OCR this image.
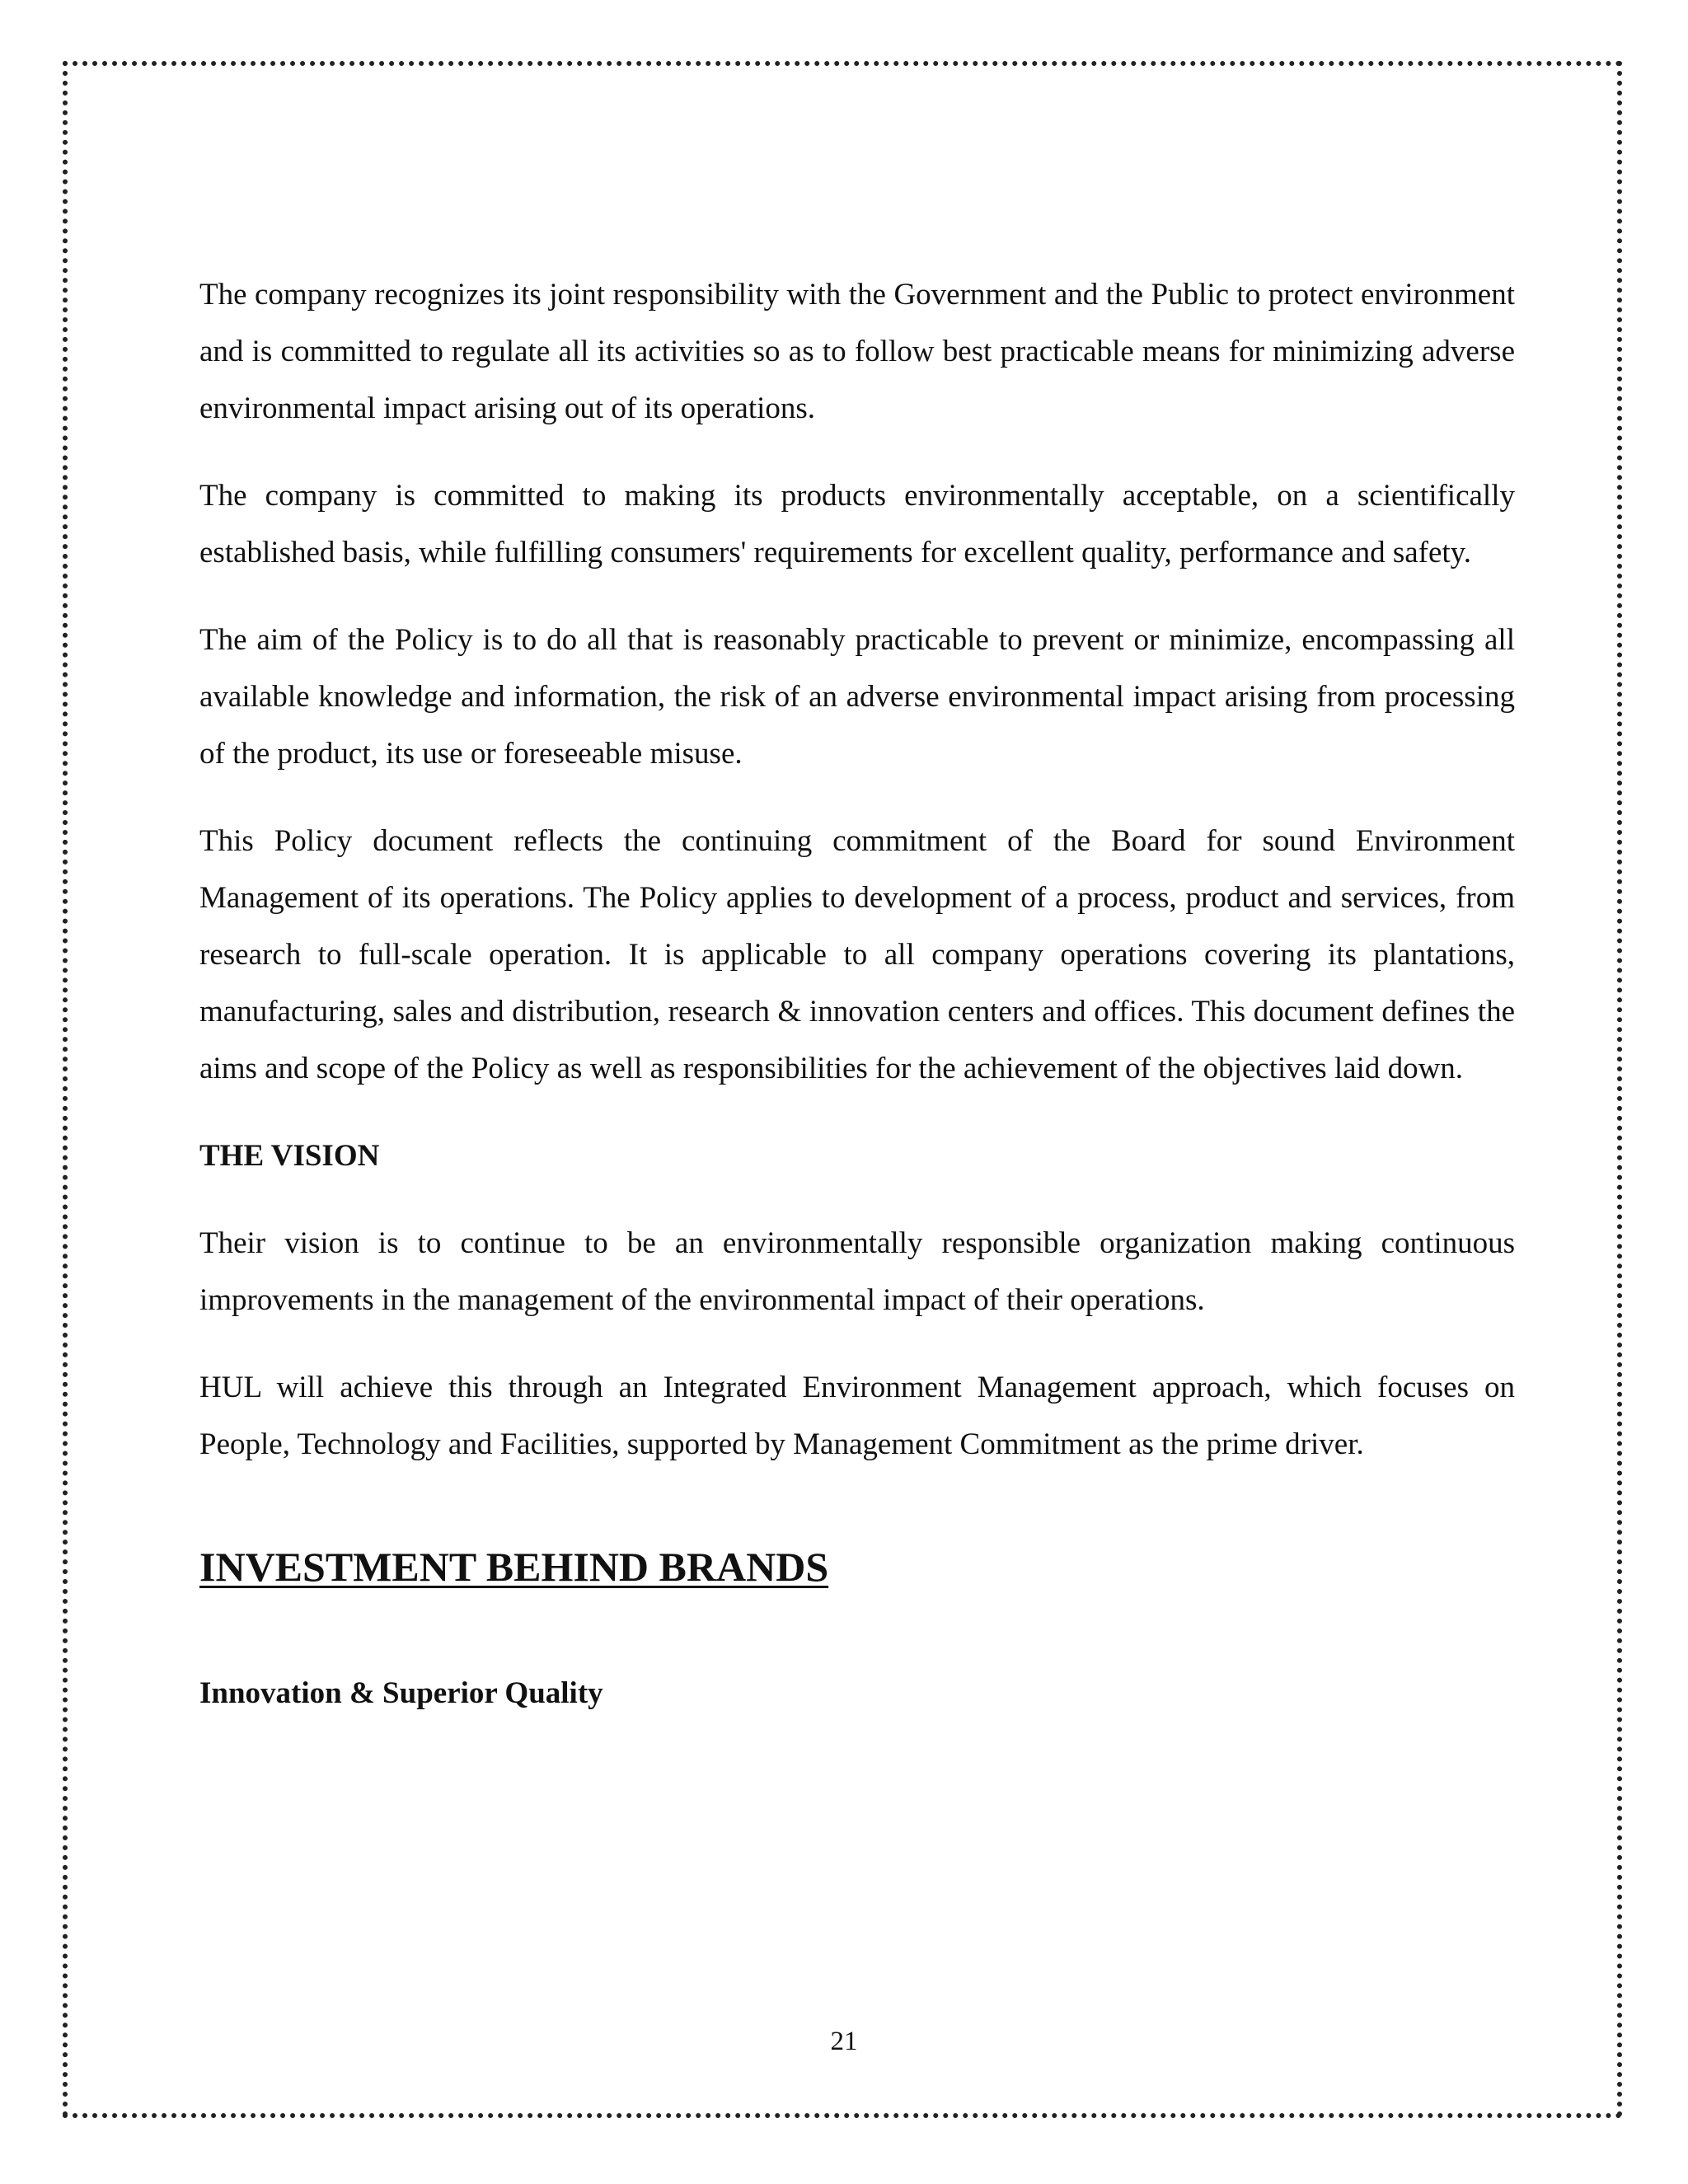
The company recognizes its joint responsibility with the Government and the Public to protect environment and is committed to regulate all its activities so as to follow best practicable means for minimizing adverse environmental impact arising out of its operations.

The company is committed to making its products environmentally acceptable, on a scientifically established basis, while fulfilling consumers' requirements for excellent quality, performance and safety.

The aim of the Policy is to do all that is reasonably practicable to prevent or minimize, encompassing all available knowledge and information, the risk of an adverse environmental impact arising from processing of the product, its use or foreseeable misuse.

This Policy document reflects the continuing commitment of the Board for sound Environment Management of its operations. The Policy applies to development of a process, product and services, from research to full-scale operation. It is applicable to all company operations covering its plantations, manufacturing, sales and distribution, research & innovation centers and offices. This document defines the aims and scope of the Policy as well as responsibilities for the achievement of the objectives laid down.

THE VISION

Their vision is to continue to be an environmentally responsible organization making continuous improvements in the management of the environmental impact of their operations.

HUL will achieve this through an Integrated Environment Management approach, which focuses on People, Technology and Facilities, supported by Management Commitment as the prime driver.

INVESTMENT BEHIND BRANDS
Innovation & Superior Quality
21
